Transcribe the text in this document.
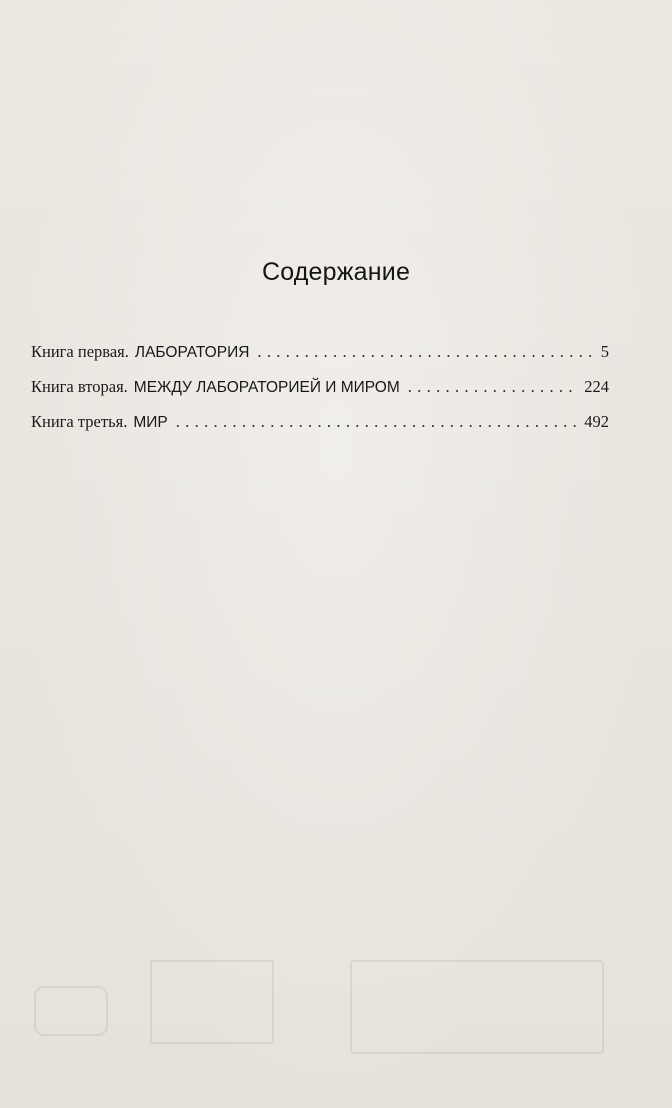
Содержание
Книга первая. ЛАБОРАТОРИЯ . . .	5
Книга вторая. МЕЖДУ ЛАБОРАТОРИЕЙ И МИРОМ . . .	224
Книга третья. МИР . . .	492
